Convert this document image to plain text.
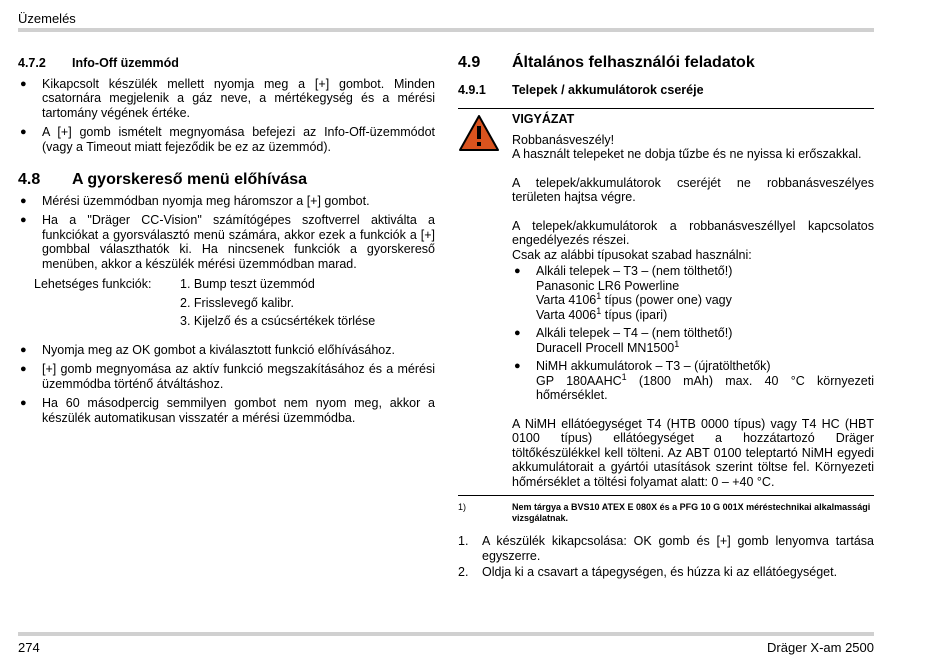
Üzemelés
4.7.2	Info-Off üzemmód
● Kikapcsolt készülék mellett nyomja meg a [+] gombot. Minden csatornára megjelenik a gáz neve, a mértékegység és a mérési tartomány végének értéke.
● A [+] gomb ismételt megnyomása befejezi az Info-Off-üzemmódot (vagy a Timeout miatt fejeződik be ez az üzemmód).
4.8	A gyorskereső menü előhívása
● Mérési üzemmódban nyomja meg háromszor a [+] gombot.
● Ha a "Dräger CC-Vision" számítógépes szoftverrel aktiválta a funkciókat a gyorsválasztó menü számára, akkor ezek a funkciók a [+] gombbal választhatók ki. Ha nincsenek funkciók a gyorskereső menüben, akkor a készülék mérési üzemmódban marad.
Lehetséges funkciók:	1. Bump teszt üzemmód
2. Frisslevegő kalibr.
3. Kijelző és a csúcsértékek törlése
● Nyomja meg az OK gombot a kiválasztott funkció előhívásához.
● [+] gomb megnyomása az aktív funkció megszakításához és a mérési üzemmódba történő átváltáshoz.
● Ha 60 másodpercig semmilyen gombot nem nyom meg, akkor a készülék automatikusan visszatér a mérési üzemmódba.
4.9	Általános felhasználói feladatok
4.9.1	Telepek / akkumulátorok cseréje
VIGYÁZAT

Robbanásveszély!

A használt telepeket ne dobja tűzbe és ne nyissa ki erőszakkal.

A telepek/akkumulátorok cseréjét ne robbanásveszélyes területen hajtsa végre.

A telepek/akkumulátorok a robbanásveszéllyel kapcsolatos engedélyezés részei.

Csak az alábbi típusokat szabad használni:

● Alkáli telepek – T3 – (nem tölthető!)
Panasonic LR6 Powerline
Varta 4106$^1$ típus (power one) vagy
Varta 4006$^1$ típus (ipari)
● Alkáli telepek – T4 – (nem tölthető!)
Duracell Procell MN1500$^1$
● NiMH akkumulátorok – T3 – (újratölthetők)
GP 180AAHC$^1$ (1800 mAh) max. 40 °C környezeti hőmérséklet.

A NiMH ellátóegységet T4 (HTB 0000 típus) vagy T4 HC (HBT 0100 típus) ellátóegységet a hozzátartozó Dräger töltőkészülékkel kell tölteni. Az ABT 0100 teleptartó NiMH egyedi akkumulátorait a gyártói utasítások szerint töltse fel. Környezeti hőmérséklet a töltési folyamat alatt: 0 – +40 °C.

1)	Nem tárgya a BVS10 ATEX E 080X és a PFG 10 G 001X méréstechnikai alkalmassági vizsgálatnak.
1.	A készülék kikapcsolása: OK gomb és [+] gomb lenyomva tartása egyszerre.
2.	Oldja ki a csavart a tápegységen, és húzza ki az ellátóegységet.
274	Dräger X-am 2500
